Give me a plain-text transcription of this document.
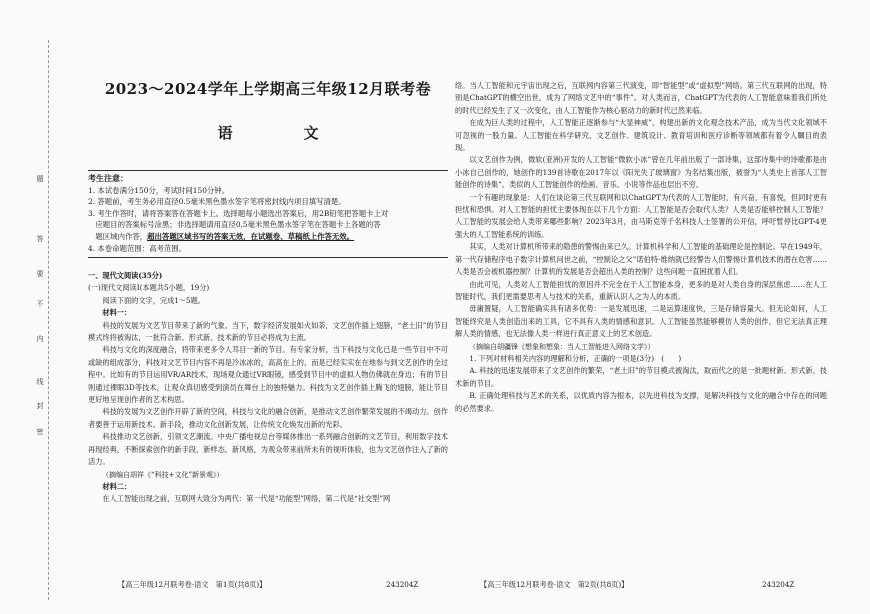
题
答
要
不
内
线
封
密
2023～2024学年上学期高三年级12月联考卷
语　文
考生注意：
1. 本试卷满分150分，考试时间150分钟。
2. 答题前，考生务必用直径0.5毫米黑色墨水签字笔将密封线内项目填写清楚。
3. 考生作答时，请将答案答在答题卡上。选择题每小题选出答案后，用2B铅笔把答题卡上对
　应题目的答案标号涂黑；非选择题请用直径0.5毫米黑色墨水签字笔在答题卡上各题的答
　题区域内作答，超出答题区域书写的答案无效，在试题卷、草稿纸上作答无效。
4. 本卷命题范围：高考范围。

一、现代文阅读(35分)

(一)现代文阅读Ⅰ(本题共5小题，19分)

阅读下面的文字，完成1～5题。

材料一：

科技的发展为文艺节目带来了新的气象。当下，数字经济发展如火如荼，文艺创作插上翅膀，“老土旧”的节目模式终将被淘汰，一批符合新、形式新、技术新的节目必将成为主流。

科技与文化的深度融合，将带来更多令人耳目一新的节目。有专家分析，当下科技与文化已是一些节目中不可或缺的组成部分，科技对文艺节目内容不再是冷冰冰的，高高在上的，而是已经实实在在地参与到文艺创作的全过程中。比如有的节目运用VR/AR技术，现场观众通过VR眼镜，感受到节目中的虚拟人物仿佛就在身边；有的节目则通过裸眼3D等技术，让观众真切感受到演员在舞台上的独特魅力。科技为文艺创作插上腾飞的翅膀，能让节目更好地呈现创作者的艺术构思。

科技的发展为文艺创作开辟了新的空间，科技与文化的融合创新，是推动文艺创作繁荣发展的不竭动力。创作者要善于运用新技术、新手段，推动文化创新发展，让传统文化焕发出新的光彩。

科技推动文艺创新，引领文艺潮流。中央广播电视总台等媒体推出一系列融合创新的文艺节目，利用数字技术再现经典，不断探索创作的新手段、新样态、新风格，为观众带来前所未有的视听体验，也为文艺创作注入了新的活力。

（摘编自胡祥《“科技+文化”新景观》）

材料二：

在人工智能出现之前，互联网大致分为两代：第一代是“功能型”网络，第二代是“社交型”网

络。当人工智能和元宇宙出现之后，互联网内容第三代演变，即“智能型”或“虚拟型”网络。第三代互联网的出现，特别是ChatGPT的横空出世，成为了网络文艺中的“事件”。对人类而言，ChatGPT为代表的人工智能意味着我们所处的时代已经发生了又一次变化，由人工智能作为核心驱动力的新时代已然来临。

在成为巨人类的过程中，人工智能正逐渐参与“大显神威”，构建出新的文化观念技术产品，成为当代文化领域不可忽视的一股力量。人工智能在科学研究、文艺创作、建筑设计、教育培训和医疗诊断等领域都有着令人瞩目的表现。

以文艺创作为例，微软(亚洲)开发的人工智能“微软小冰”曾在几年前出版了一部诗集，这部诗集中的诗歌都是由小冰自己创作的，她创作的139首诗歌在2017年以《阳光失了玻璃窗》为名结集出版，被誉为“人类史上首部人工智能创作的诗集”。类似的人工智能创作的绘画、音乐、小说等作品也层出不穷。

一个有趣的现象是：人们在谈论第三代互联网和以ChatGPT为代表的人工智能时，有兴奋，有喜悦，但同时更有担忧和恐惧。对人工智能的担忧主要体现在以下几个方面：人工智能是否会取代人类？人类是否能够控制人工智能？人工智能的发展会给人类带来哪些影响？2023年3月，由马斯克等千名科技人士签署的公开信，呼吁暂停比GPT-4更强大的人工智能系统的训练。

其实，人类对计算机所带来的隐患的警惕由来已久。计算机科学和人工智能的基础理论是控制论。早在1949年，第一代存储程序电子数字计算机问世之前，“控制论之父”诺伯特·维纳就已经警告人们警惕计算机技术的潜在危害……人类是否会被机器控制？计算机的发展是否会超出人类的控制？这些问题一直困扰着人们。

由此可见，人类对人工智能担忧的原因并不完全在于人工智能本身，更多的是对人类自身的深层焦虑……在人工智能时代，我们更需要思考人与技术的关系，重新认识人之为人的本质。

毋庸置疑，人工智能确实具有诸多优势：一是发展迅速，二是运算速度快，三是存储容量大。但无论如何，人工智能终究是人类创造出来的工具，它不具有人类的情感和意识。人工智能虽然能够模仿人类的创作，但它无法真正理解人类的情感，也无法像人类一样进行真正意义上的艺术创造。

（摘编自胡疆锋《想象和想象：当人工智能进入网络文学》）

1. 下列对材料相关内容的理解和分析，正确的一项是(3分)　(　　)

A. 科技的迅速发展带来了文艺创作的繁荣，“老土旧”的节目模式被淘汰，取而代之的是一批题材新、形式新、技术新的节目。

B. 正确处理科技与艺术的关系，以优质内容为根本，以先进科技为支撑，是解决科技与文化的融合中存在的问题的必然要求。

【高三年级12月联考卷·语文　第1页(共8页)】	243204Z	【高三年级12月联考卷·语文　第2页(共8页)】	243204Z
